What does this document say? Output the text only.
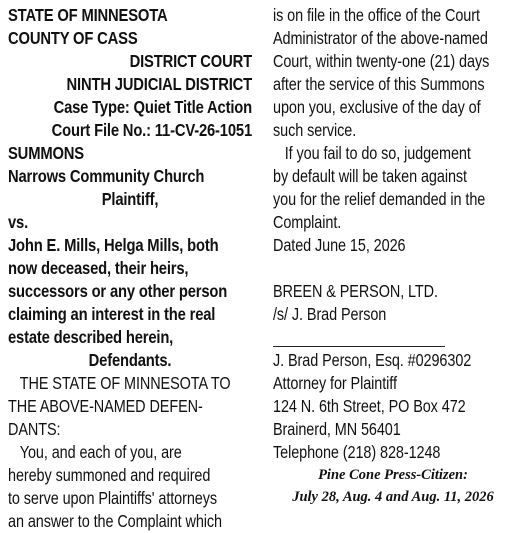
STATE OF MINNESOTA
COUNTY OF CASS
DISTRICT COURT
NINTH JUDICIAL DISTRICT
Case Type: Quiet Title Action
Court File No.: 11-CV-26-1051
SUMMONS
Narrows Community Church
Plaintiff,
vs.
John E. Mills, Helga Mills, both
now deceased, their heirs,
successors or any other person
claiming an interest in the real
estate described herein,
Defendants.
THE STATE OF MINNESOTA TO
THE ABOVE-NAMED DEFEN-
DANTS:
You, and each of you, are
hereby summoned and required
to serve upon Plaintiffs' attorneys
an answer to the Complaint which
is on file in the office of the Court
Administrator of the above-named
Court, within twenty-one (21) days
after the service of this Summons
upon you, exclusive of the day of
such service.
If you fail to do so, judgement
by default will be taken against
you for the relief demanded in the
Complaint.
Dated June 15, 2026
BREEN & PERSON, LTD.
/s/ J. Brad Person
J. Brad Person, Esq. #0296302
Attorney for Plaintiff
124 N. 6th Street, PO Box 472
Brainerd, MN 56401
Telephone (218) 828-1248
Pine Cone Press-Citizen:
July 28, Aug. 4 and Aug. 11, 2026
